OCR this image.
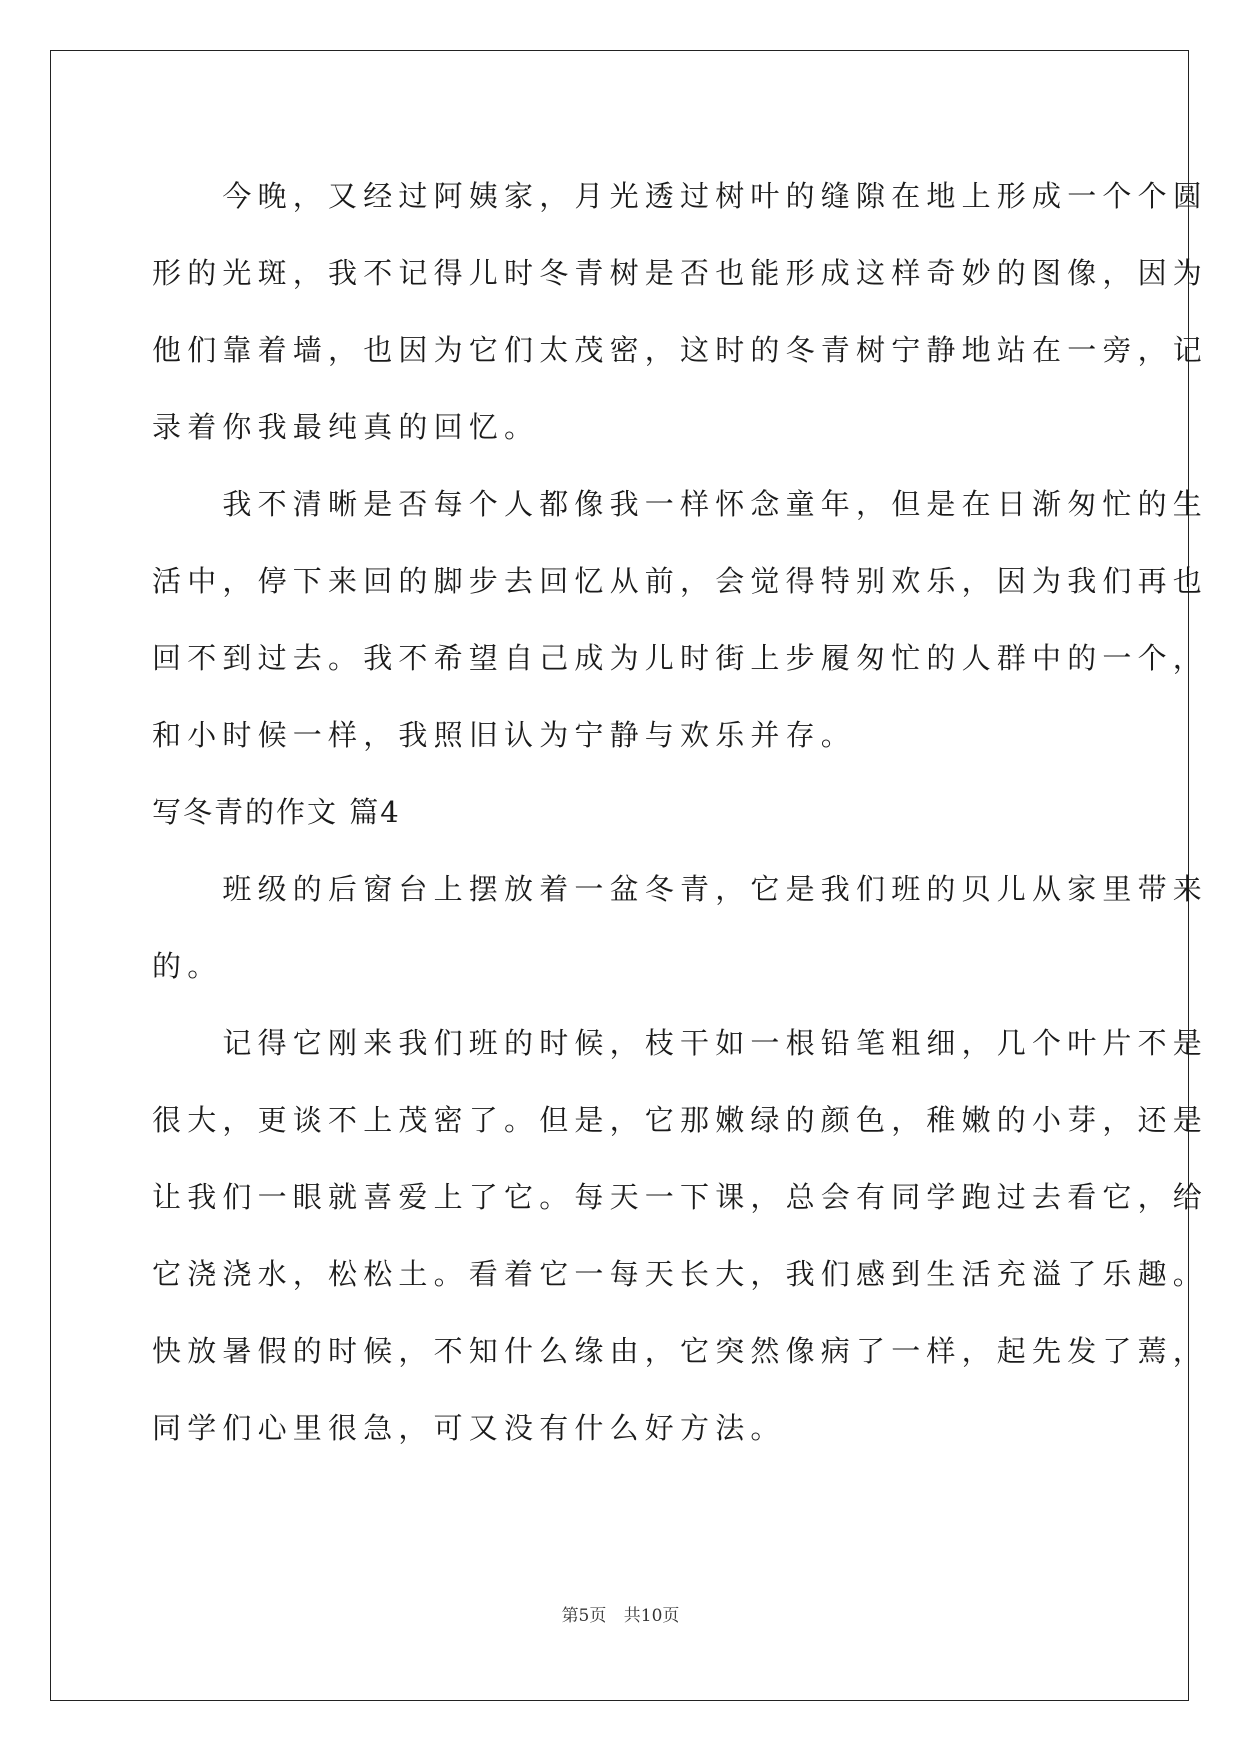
　　今晚，又经过阿姨家，月光透过树叶的缝隙在地上形成一个个圆
形的光斑，我不记得儿时冬青树是否也能形成这样奇妙的图像，因为
他们靠着墙，也因为它们太茂密，这时的冬青树宁静地站在一旁，记
录着你我最纯真的回忆。
　　我不清晰是否每个人都像我一样怀念童年，但是在日渐匆忙的生
活中，停下来回的脚步去回忆从前，会觉得特别欢乐，因为我们再也
回不到过去。我不希望自己成为儿时街上步履匆忙的人群中的一个，
和小时候一样，我照旧认为宁静与欢乐并存。
写冬青的作文 篇4
　　班级的后窗台上摆放着一盆冬青，它是我们班的贝儿从家里带来
的。
　　记得它刚来我们班的时候，枝干如一根铅笔粗细，几个叶片不是
很大，更谈不上茂密了。但是，它那嫩绿的颜色，稚嫩的小芽，还是
让我们一眼就喜爱上了它。每天一下课，总会有同学跑过去看它，给
它浇浇水，松松土。看着它一每天长大，我们感到生活充溢了乐趣。
快放暑假的时候，不知什么缘由，它突然像病了一样，起先发了蔫，
同学们心里很急，可又没有什么好方法。
第5页 共10页
